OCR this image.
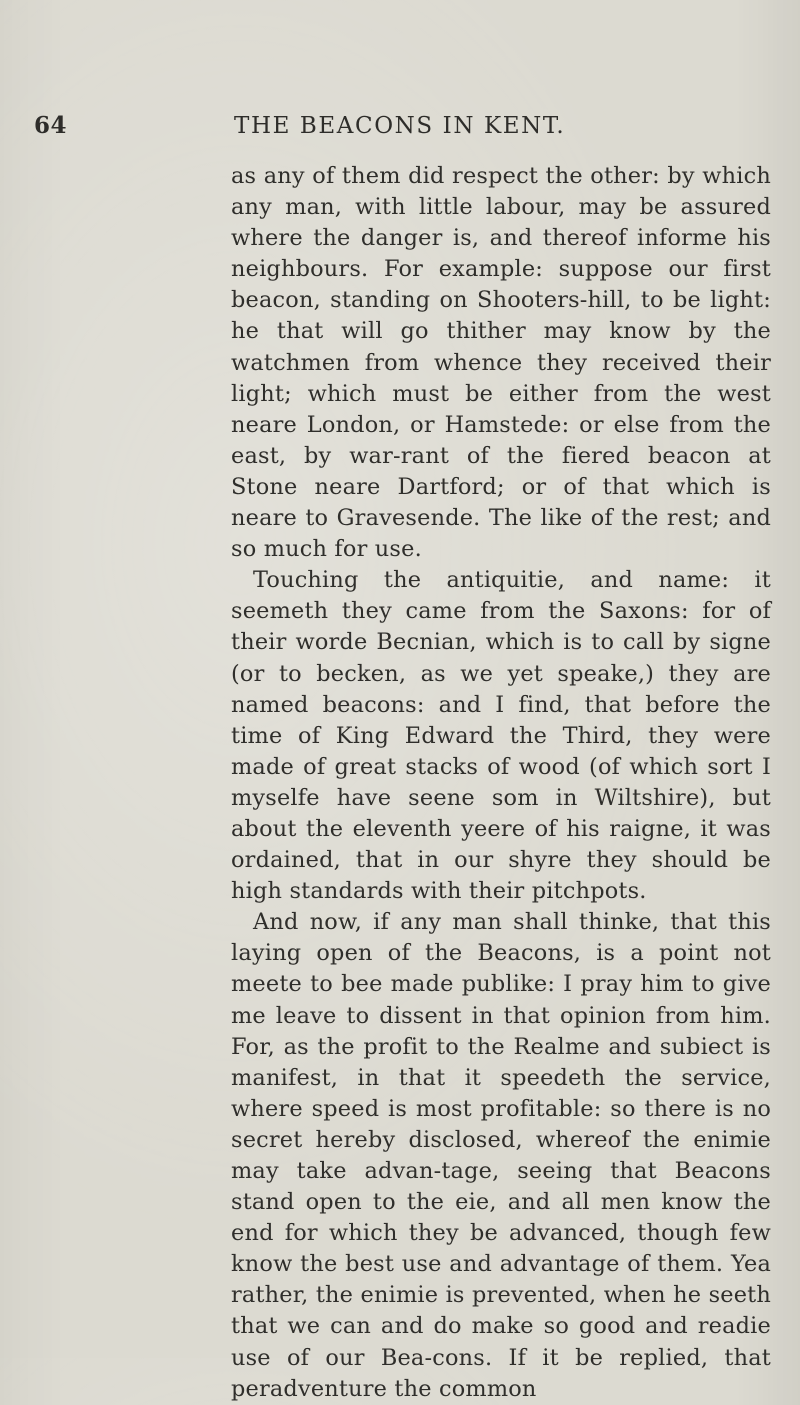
64	THE BEACONS IN KENT.

as any of them did respect the other: by which any man, with little labour, may be assured where the danger is, and thereof informe his neighbours. For example: suppose our first beacon, standing on Shooters-hill, to be light: he that will go thither may know by the watchmen from whence they received their light; which must be either from the west neare London, or Hamstede: or else from the east, by war-rant of the fiered beacon at Stone neare Dartford; or of that which is neare to Gravesende. The like of the rest; and so much for use.

Touching the antiquitie, and name: it seemeth they came from the Saxons: for of their worde Becnian, which is to call by signe (or to becken, as we yet speake,) they are named beacons: and I find, that before the time of King Edward the Third, they were made of great stacks of wood (of which sort I myselfe have seene som in Wiltshire), but about the eleventh yeere of his raigne, it was ordained, that in our shyre they should be high standards with their pitchpots.

And now, if any man shall thinke, that this laying open of the Beacons, is a point not meete to bee made publike: I pray him to give me leave to dissent in that opinion from him. For, as the profit to the Realme and subiect is manifest, in that it speedeth the service, where speed is most profitable: so there is no secret hereby disclosed, whereof the enimie may take advan-tage, seeing that Beacons stand open to the eie, and all men know the end for which they be advanced, though few know the best use and advantage of them. Yea rather, the enimie is prevented, when he seeth that we can and do make so good and readie use of our Bea-cons. If it be replied, that peradventure the common
